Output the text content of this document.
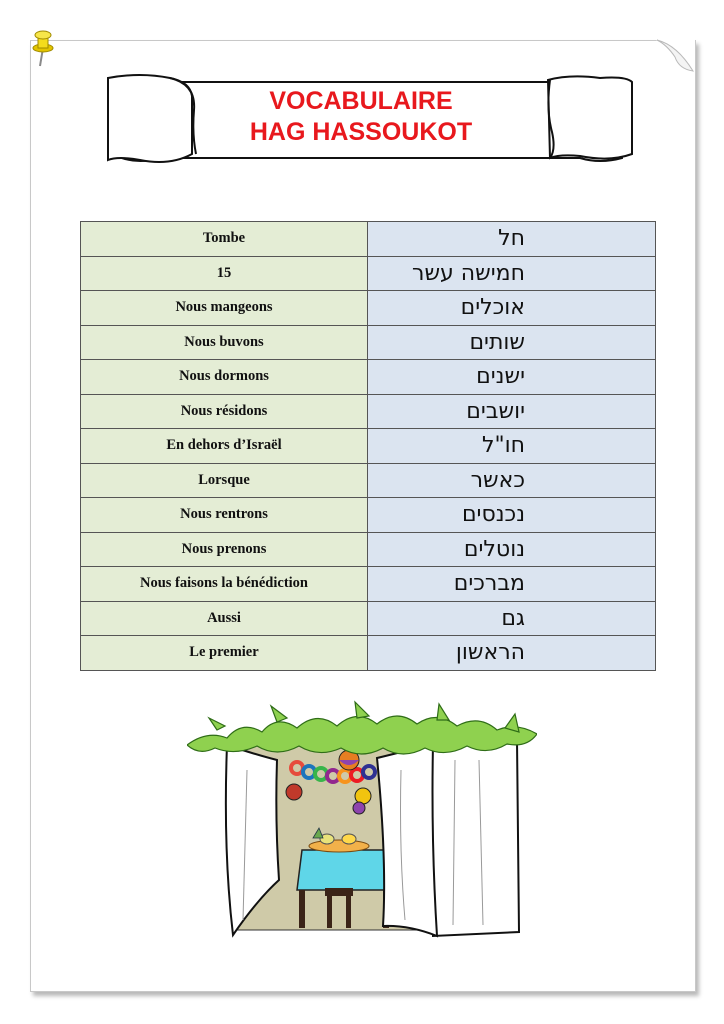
VOCABULAIRE
HAG HASSOUKOT
Tombe	חל
15	חמישה עשר
Nous mangeons	אוכלים
Nous buvons	שותים
Nous dormons	ישנים
Nous résidons	יושבים
En dehors d’Israël	חו"ל
Lorsque	כאשר
Nous rentrons	נכנסים
Nous prenons	נוטלים
Nous faisons la bénédiction	מברכים
Aussi	גם
Le premier	הראשון
